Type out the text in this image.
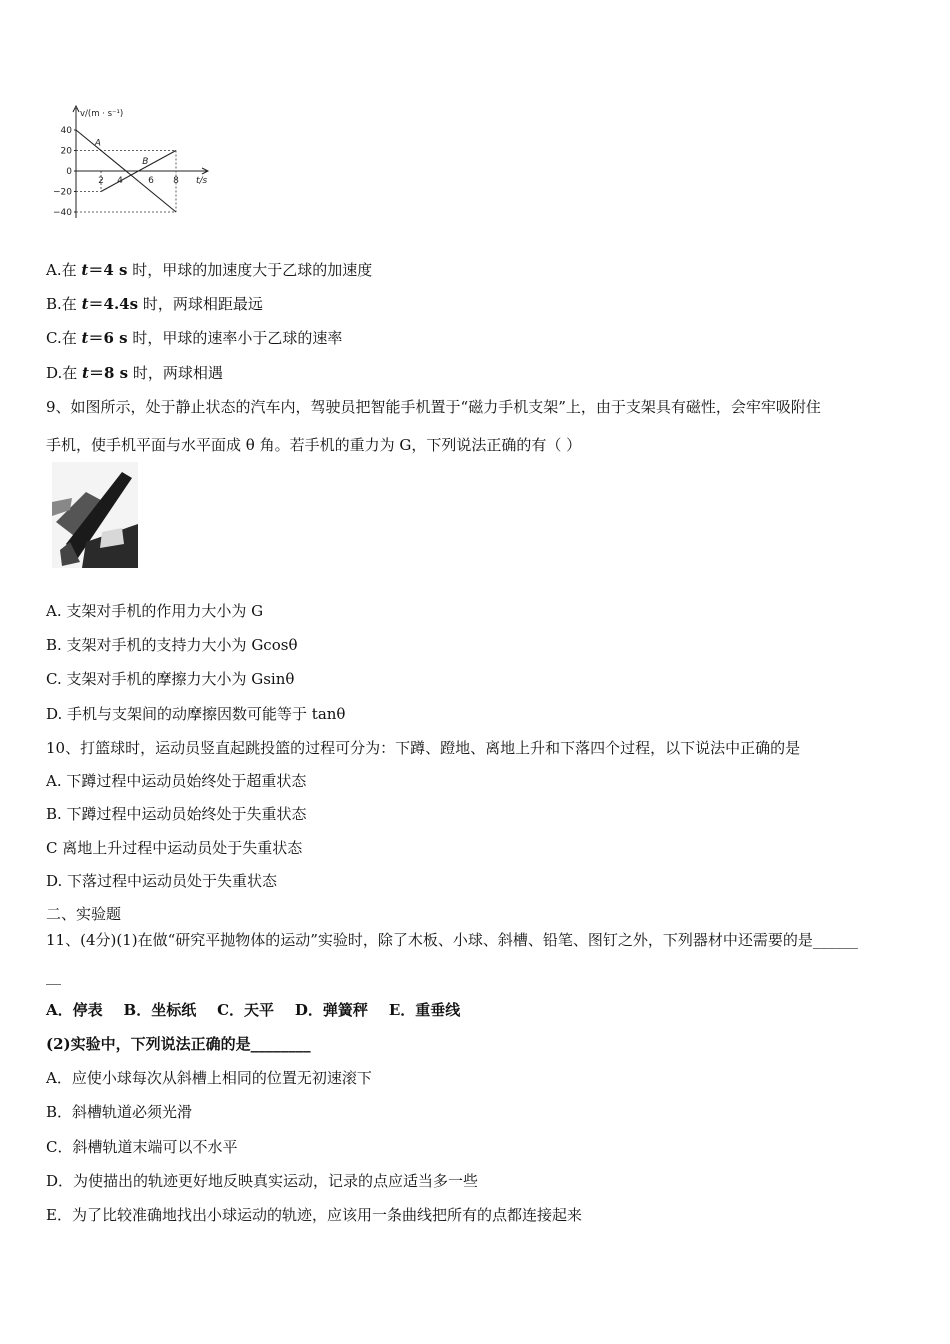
v/(m · s⁻¹)
t/s
40
20
0
−20
−40
2 4	6 8
A
B
A.在 t＝4 s 时，甲球的加速度大于乙球的加速度
B.在 t＝4.4s 时，两球相距最远
C.在 t＝6 s 时，甲球的速率小于乙球的速率
D.在 t＝8 s 时，两球相遇
9、如图所示，处于静止状态的汽车内，驾驶员把智能手机置于“磁力手机支架”上，由于支架具有磁性，会牢牢吸附住
手机，使手机平面与水平面成 θ 角。若手机的重力为 G，下列说法正确的有（ ）
A. 支架对手机的作用力大小为 G
B. 支架对手机的支持力大小为 Gcosθ
C. 支架对手机的摩擦力大小为 Gsinθ
D. 手机与支架间的动摩擦因数可能等于 tanθ
10、打篮球时，运动员竖直起跳投篮的过程可分为：下蹲、蹬地、离地上升和下落四个过程，以下说法中正确的是
A. 下蹲过程中运动员始终处于超重状态
B. 下蹲过程中运动员始终处于失重状态
C 离地上升过程中运动员处于失重状态
D. 下落过程中运动员处于失重状态
二、实验题
11、(4分)(1)在做“研究平抛物体的运动”实验时，除了木板、小球、斜槽、铅笔、图钉之外，下列器材中还需要的是______
__
A．停表    B．坐标纸    C．天平    D．弹簧秤    E．重垂线
(2)实验中，下列说法正确的是________
A．应使小球每次从斜槽上相同的位置无初速滚下
B．斜槽轨道必须光滑
C．斜槽轨道末端可以不水平
D．为使描出的轨迹更好地反映真实运动，记录的点应适当多一些
E．为了比较准确地找出小球运动的轨迹，应该用一条曲线把所有的点都连接起来
